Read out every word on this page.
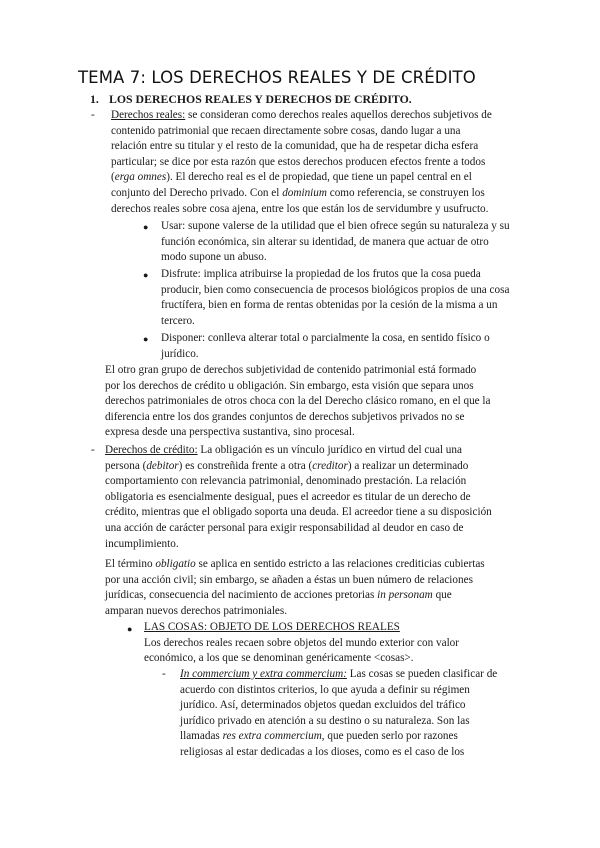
TEMA 7: LOS DERECHOS REALES Y DE CRÉDITO
1. LOS DERECHOS REALES Y DERECHOS DE CRÉDITO.
- Derechos reales: se consideran como derechos reales aquellos derechos subjetivos de

contenido patrimonial que recaen directamente sobre cosas, dando lugar a una

relación entre su titular y el resto de la comunidad, que ha de respetar dicha esfera

particular; se dice por esta razón que estos derechos producen efectos frente a todos

(erga omnes). El derecho real es el de propiedad, que tiene un papel central en el

conjunto del Derecho privado. Con el dominium como referencia, se construyen los

derechos reales sobre cosa ajena, entre los que están los de servidumbre y usufructo.

● Usar: supone valerse de la utilidad que el bien ofrece según su naturaleza y su

función económica, sin alterar su identidad, de manera que actuar de otro

modo supone un abuso.

● Disfrute: implica atribuirse la propiedad de los frutos que la cosa pueda

producir, bien como consecuencia de procesos biológicos propios de una cosa

fructífera, bien en forma de rentas obtenidas por la cesión de la misma a un

tercero.

● Disponer: conlleva alterar total o parcialmente la cosa, en sentido físico o

jurídico.

El otro gran grupo de derechos subjetividad de contenido patrimonial está formado

por los derechos de crédito u obligación. Sin embargo, esta visión que separa unos

derechos patrimoniales de otros choca con la del Derecho clásico romano, en el que la

diferencia entre los dos grandes conjuntos de derechos subjetivos privados no se

expresa desde una perspectiva sustantiva, sino procesal.

- Derechos de crédito: La obligación es un vínculo jurídico en virtud del cual una

persona (debitor) es constreñida frente a otra (creditor) a realizar un determinado

comportamiento con relevancia patrimonial, denominado prestación. La relación

obligatoria es esencialmente desigual, pues el acreedor es titular de un derecho de

crédito, mientras que el obligado soporta una deuda. El acreedor tiene a su disposición

una acción de carácter personal para exigir responsabilidad al deudor en caso de

incumplimiento.

El término obligatio se aplica en sentido estricto a las relaciones crediticias cubiertas

por una acción civil; sin embargo, se añaden a éstas un buen número de relaciones

jurídicas, consecuencia del nacimiento de acciones pretorias in personam que

amparan nuevos derechos patrimoniales.

● LAS COSAS: OBJETO DE LOS DERECHOS REALES

Los derechos reales recaen sobre objetos del mundo exterior con valor

económico, a los que se denominan genéricamente <cosas>.

- In commercium y extra commercium: Las cosas se pueden clasificar de

acuerdo con distintos criterios, lo que ayuda a definir su régimen

jurídico. Así, determinados objetos quedan excluidos del tráfico

jurídico privado en atención a su destino o su naturaleza. Son las

llamadas res extra commercium, que pueden serlo por razones

religiosas al estar dedicadas a los dioses, como es el caso de los
